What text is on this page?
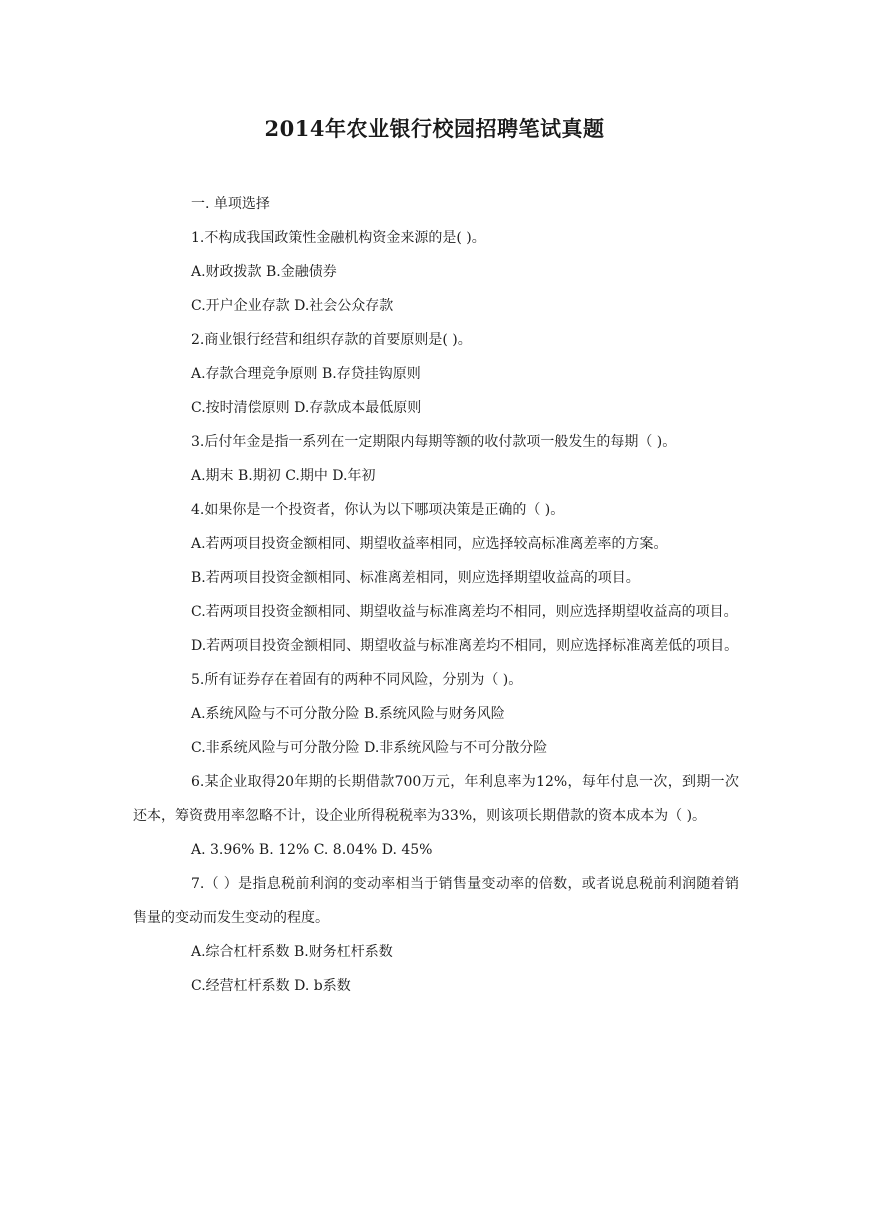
2014年农业银行校园招聘笔试真题

一. 单项选择

1.不构成我国政策性金融机构资金来源的是( )。

A.财政拨款 B.金融债券

C.开户企业存款 D.社会公众存款

2.商业银行经营和组织存款的首要原则是( )。

A.存款合理竞争原则 B.存贷挂钩原则

C.按时清偿原则 D.存款成本最低原则

3.后付年金是指一系列在一定期限内每期等额的收付款项一般发生的每期（ )。

A.期末 B.期初 C.期中 D.年初

4.如果你是一个投资者，你认为以下哪项决策是正确的（ )。

A.若两项目投资金额相同、期望收益率相同，应选择较高标准离差率的方案。

B.若两项目投资金额相同、标准离差相同，则应选择期望收益高的项目。

C.若两项目投资金额相同、期望收益与标准离差均不相同，则应选择期望收益高的项目。

D.若两项目投资金额相同、期望收益与标准离差均不相同，则应选择标准离差低的项目。

5.所有证券存在着固有的两种不同风险，分别为（ )。

A.系统风险与不可分散分险 B.系统风险与财务风险

C.非系统风险与可分散分险 D.非系统风险与不可分散分险

6.某企业取得20年期的长期借款700万元，年利息率为12%，每年付息一次，到期一次还本，筹资费用率忽略不计，设企业所得税税率为33%，则该项长期借款的资本成本为（ )。

A. 3.96% B. 12% C. 8.04% D. 45%

7.（ ）是指息税前利润的变动率相当于销售量变动率的倍数，或者说息税前利润随着销售量的变动而发生变动的程度。

A.综合杠杆系数 B.财务杠杆系数

C.经营杠杆系数 D. b系数
